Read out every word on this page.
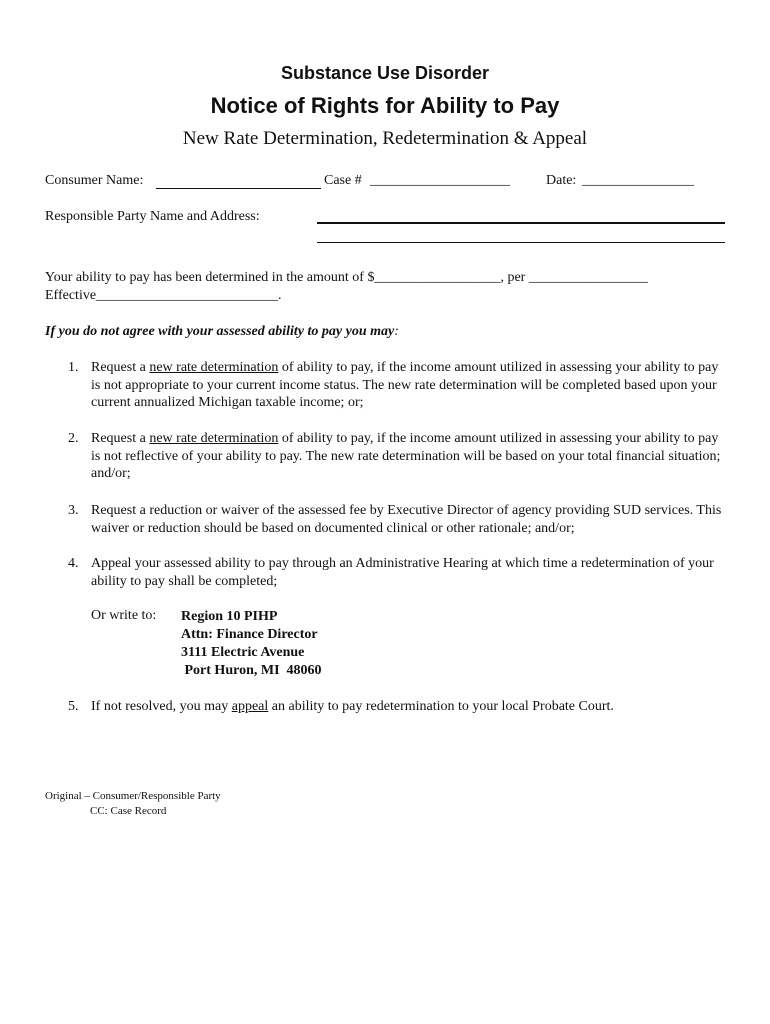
Substance Use Disorder
Notice of Rights for Ability to Pay
New Rate Determination, Redetermination & Appeal
Consumer Name:	Case # ____________________	Date: ________________
Responsible Party Name and Address:
Your ability to pay has been determined in the amount of $__________________, per _________________
Effective__________________________.
If you do not agree with your assessed ability to pay you may:
1. Request a new rate determination of ability to pay, if the income amount utilized in assessing your ability to pay is not appropriate to your current income status. The new rate determination will be completed based upon your current annualized Michigan taxable income; or;
2. Request a new rate determination of ability to pay, if the income amount utilized in assessing your ability to pay is not reflective of your ability to pay. The new rate determination will be based on your total financial situation; and/or;
3. Request a reduction or waiver of the assessed fee by Executive Director of agency providing SUD services. This waiver or reduction should be based on documented clinical or other rationale; and/or;
4. Appeal your assessed ability to pay through an Administrative Hearing at which time a redetermination of your ability to pay shall be completed;
Or write to: Region 10 PIHP
Attn: Finance Director
3111 Electric Avenue
Port Huron, MI  48060
5. If not resolved, you may appeal an ability to pay redetermination to your local Probate Court.
Original – Consumer/Responsible Party
CC: Case Record
